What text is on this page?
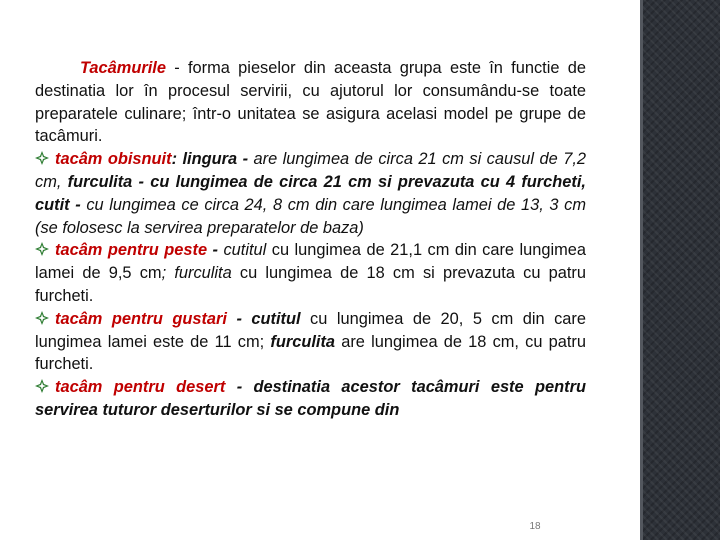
Tacâmurile - forma pieselor din aceasta grupa este în functie de destinatia lor în procesul servirii, cu ajutorul lor consumându-se toate preparatele culinare; într-o unitatea se asigura acelasi model pe grupe de tacâmuri.

tacâm obisnuit: lingura - are lungimea de circa 21 cm si causul de 7,2 cm, furculita - cu lungimea de circa 21 cm si prevazuta cu 4 furcheti, cutit - cu lungimea ce circa 24, 8 cm din care lungimea lamei de 13, 3 cm (se folosesc la servirea preparatelor de baza)

tacâm pentru peste - cutitul cu lungimea de 21,1 cm din care lungimea lamei de 9,5 cm; furculita cu lungimea de 18 cm si prevazuta cu patru furcheti.

tacâm pentru gustari - cutitul cu lungimea de 20, 5 cm din care lungimea lamei este de 11 cm; furculita are lungimea de 18 cm, cu patru furcheti.

tacâm pentru desert - destinatia acestor tacâmuri este pentru servirea tuturor deserturilor si se compune din

18
